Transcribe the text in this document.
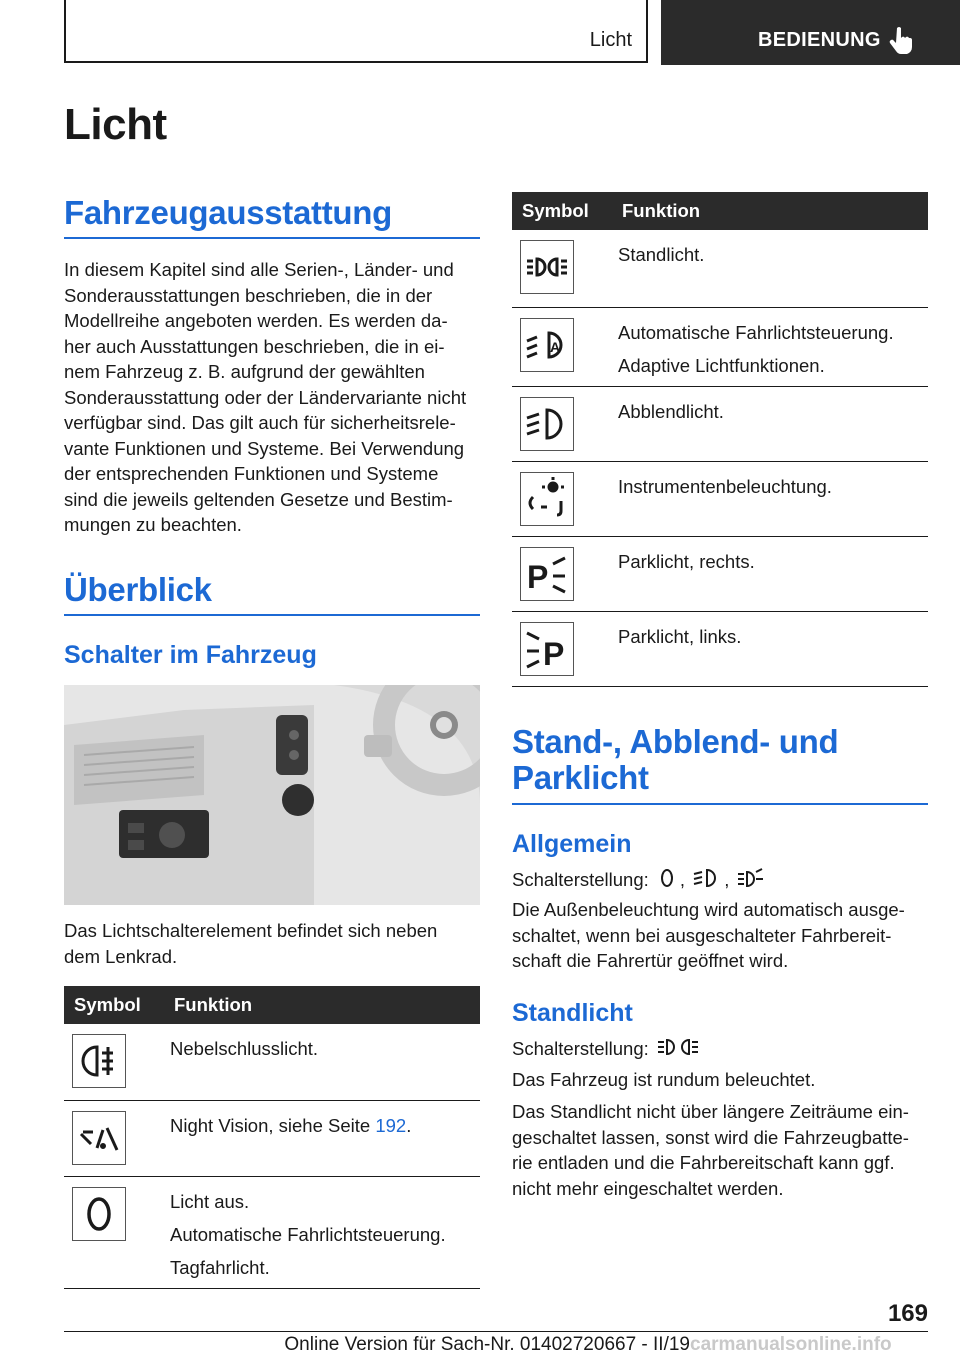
Licht	BEDIENUNG
Licht
Fahrzeugausstattung

In diesem Kapitel sind alle Serien-, Länder- und
Sonderausstattungen beschrieben, die in der
Modellreihe angeboten werden. Es werden da-
her auch Ausstattungen beschrieben, die in ei-
nem Fahrzeug z. B. aufgrund der gewählten
Sonderausstattung oder der Ländervariante nicht
verfügbar sind. Das gilt auch für sicherheitsrele-
vante Funktionen und Systeme. Bei Verwendung
der entsprechenden Funktionen und Systeme
sind die jeweils geltenden Gesetze und Bestim-
mungen zu beachten.

Überblick
Schalter im Fahrzeug

Das Lichtschalterelement befindet sich neben
dem Lenkrad.

Symbol	Funktion

Nebelschlusslicht.

Night Vision, siehe Seite 192.

Licht aus.

Automatische Fahrlichtsteuerung.

Tagfahrlicht.

Symbol	Funktion

Standlicht.

A	Automatische Fahrlichtsteuerung.

Adaptive Lichtfunktionen.

Abblendlicht.

Instrumentenbeleuchtung.

P	Parklicht, rechts.

P	Parklicht, links.

Stand-, Abblend- und
Parklicht
Allgemein

Schalterstellung: , ,

Die Außenbeleuchtung wird automatisch ausge-
schaltet, wenn bei ausgeschalteter Fahrbereit-
schaft die Fahrertür geöffnet wird.

Standlicht

Schalterstellung:

Das Fahrzeug ist rundum beleuchtet.

Das Standlicht nicht über längere Zeiträume ein-
geschaltet lassen, sonst wird die Fahrzeugbatte-
rie entladen und die Fahrbereitschaft kann ggf.
nicht mehr eingeschaltet werden.

169
Online Version für Sach-Nr. 01402720667 - II/19 carmanualsonline.info
